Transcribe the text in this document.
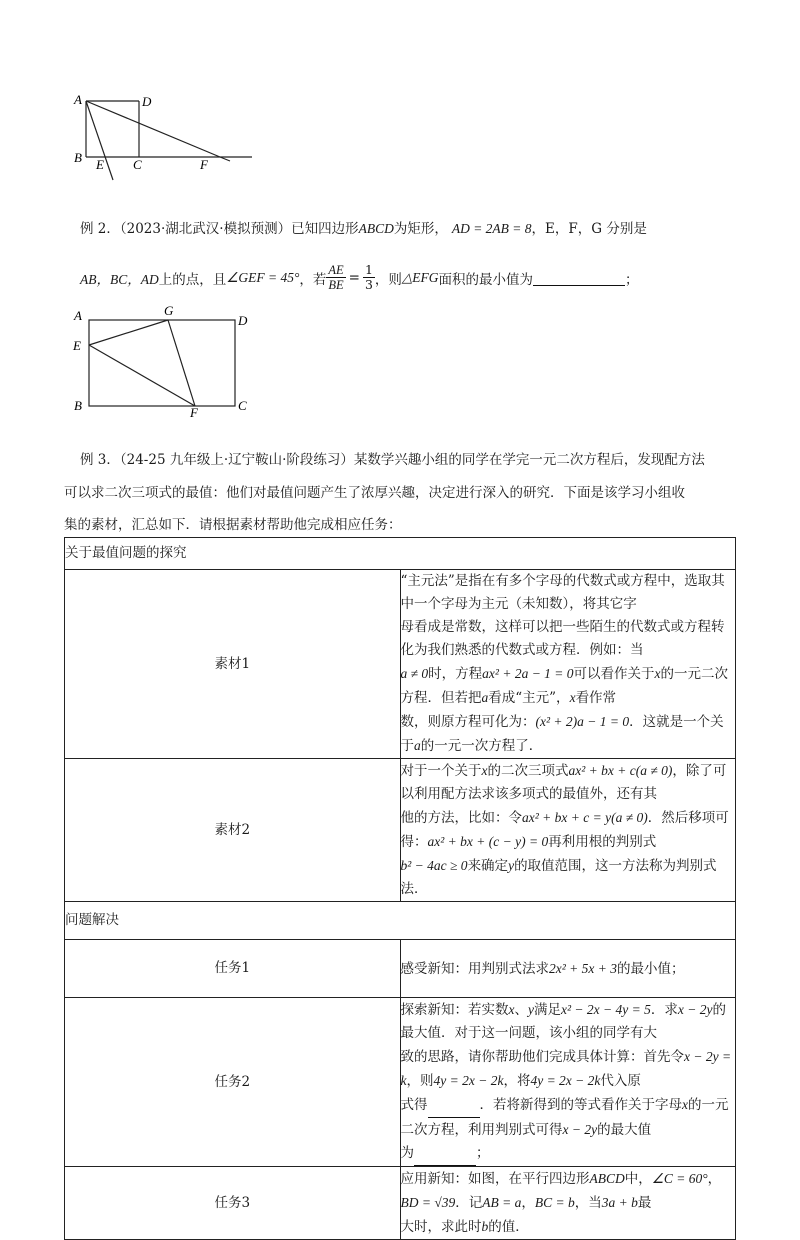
A	D
B E C	F
例 2．（2023·湖北武汉·模拟预测）已知四边形ABCD为矩形， AD = 2AB = 8，E，F，G 分别是
AB，BC，AD 上的点，且 ∠GEF = 45° ，若 $\frac{AE}{BE} = \frac{1}{3}$ ，则 △EFG 面积的最小值为
	；
A	G
D
E
B	F	C
例 3．（24-25 九年级上·辽宁鞍山·阶段练习）某数学兴趣小组的同学在学完一元二次方程后，发现配方法
可以求二次三项式的最值：他们对最值问题产生了浓厚兴趣，决定进行深入的研究．下面是该学习小组收
集的素材，汇总如下．请根据素材帮助他完成相应任务：
关于最值问题的探究	
素材1	“主元法”是指在有多个字母的代数式或方程中，选取其中一个字母为主元（未知数），将其它字
母看成是常数，这样可以把一些陌生的代数式或方程转化为我们熟悉的代数式或方程．例如：当
a ≠ 0时，方程ax² + 2a − 1 = 0可以看作关于x的一元二次方程．但若把a看成“主元”，x看作常
数，则原方程可化为：(x² + 2)a − 1 = 0．这就是一个关于a的一元一次方程了．

素材2	对于一个关于x的二次三项式ax² + bx + c(a ≠ 0)，除了可以利用配方法求该多项式的最值外，还有其
他的方法，比如：令ax² + bx + c = y(a ≠ 0)．然后移项可得：ax² + bx + (c − y) = 0再利用根的判别式
b² − 4ac ≥ 0来确定y的取值范围，这一方法称为判别式法．

问题解决	
任务1	感受新知：用判别式法求2x² + 5x + 3的最小值；
任务2	探索新知：若实数x、y满足x² − 2x − 4y = 5．求x − 2y的最大值．对于这一问题，该小组的同学有大
致的思路，请你帮助他们完成具体计算：首先令x − 2y = k，则4y = 2x − 2k，将4y = 2x − 2k代入原
式得 ．若将新得到的等式看作关于字母x的一元二次方程，利用判别式可得x − 2y的最大值
为 ；

任务3	应用新知：如图，在平行四边形ABCD中，∠C = 60°，BD = √39．记AB = a，BC = b，当3a + b最
大时，求此时b的值．
